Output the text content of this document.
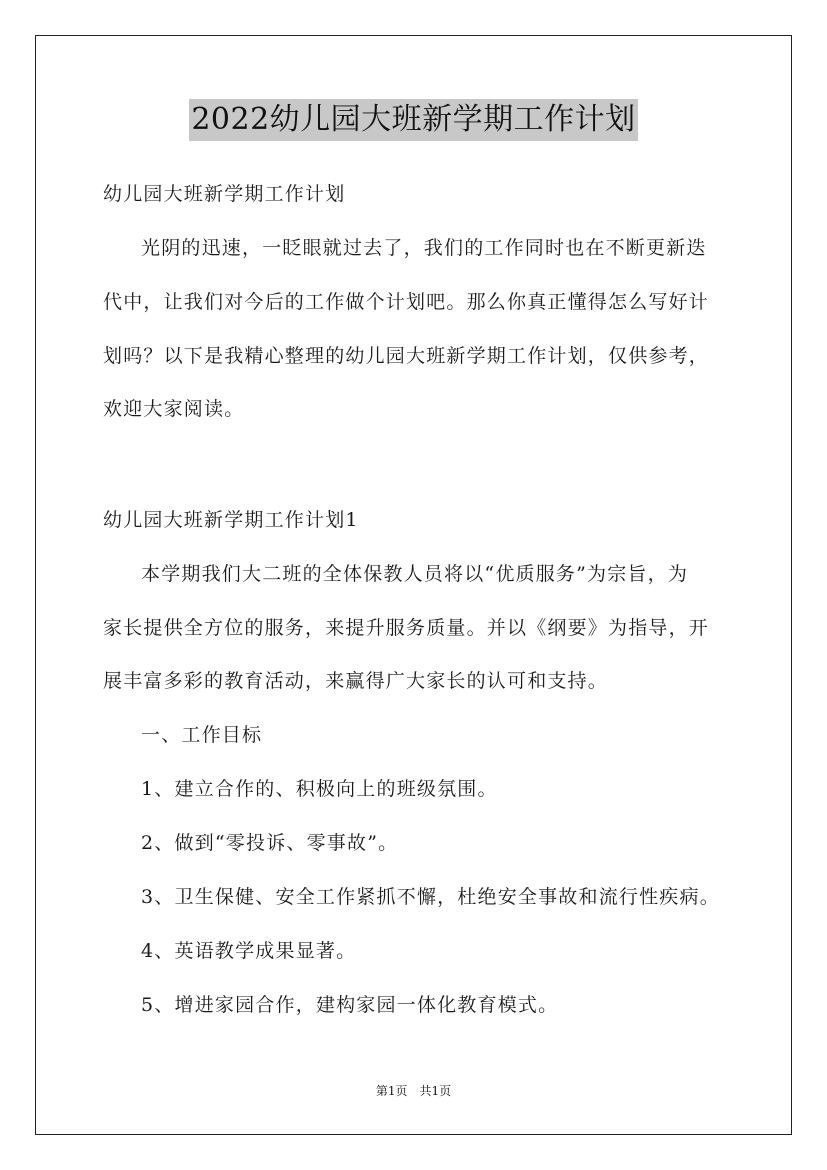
2022幼儿园大班新学期工作计划
幼儿园大班新学期工作计划
光阴的迅速，一眨眼就过去了，我们的工作同时也在不断更新迭
代中，让我们对今后的工作做个计划吧。那么你真正懂得怎么写好计
划吗？以下是我精心整理的幼儿园大班新学期工作计划，仅供参考，
欢迎大家阅读。
幼儿园大班新学期工作计划1
本学期我们大二班的全体保教人员将以“优质服务”为宗旨，为
家长提供全方位的服务，来提升服务质量。并以《纲要》为指导，开
展丰富多彩的教育活动，来赢得广大家长的认可和支持。
一、工作目标
1、建立合作的、积极向上的班级氛围。
2、做到“零投诉、零事故”。
3、卫生保健、安全工作紧抓不懈，杜绝安全事故和流行性疾病。
4、英语教学成果显著。
5、增进家园合作，建构家园一体化教育模式。
第1页 共1页
